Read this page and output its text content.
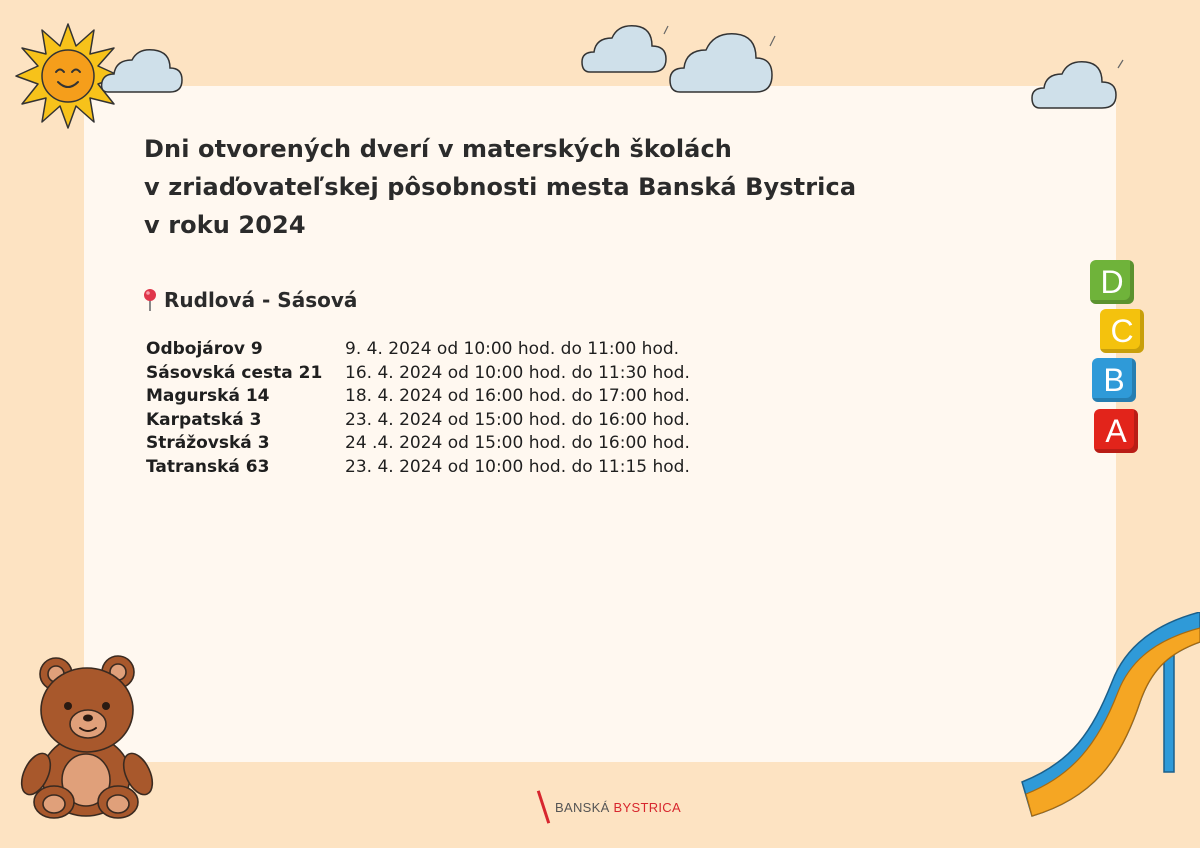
Dni otvorených dverí v materských školách
v zriaďovateľskej pôsobnosti mesta Banská Bystrica
v roku 2024
Rudlová - Sásová
Odbojárov 9	9. 4. 2024 od 10:00 hod. do 11:00 hod.
Sásovská cesta 21	16. 4. 2024 od 10:00 hod. do 11:30 hod.
Magurská 14	18. 4. 2024 od 16:00 hod. do 17:00 hod.
Karpatská 3	23. 4. 2024 od 15:00 hod. do 16:00 hod.
Strážovská 3	24 .4. 2024 od 15:00 hod. do 16:00 hod.
Tatranská 63	23. 4. 2024 od 10:00 hod. do 11:15 hod.
D
C
B
A
BANSKÁ BYSTRICA
